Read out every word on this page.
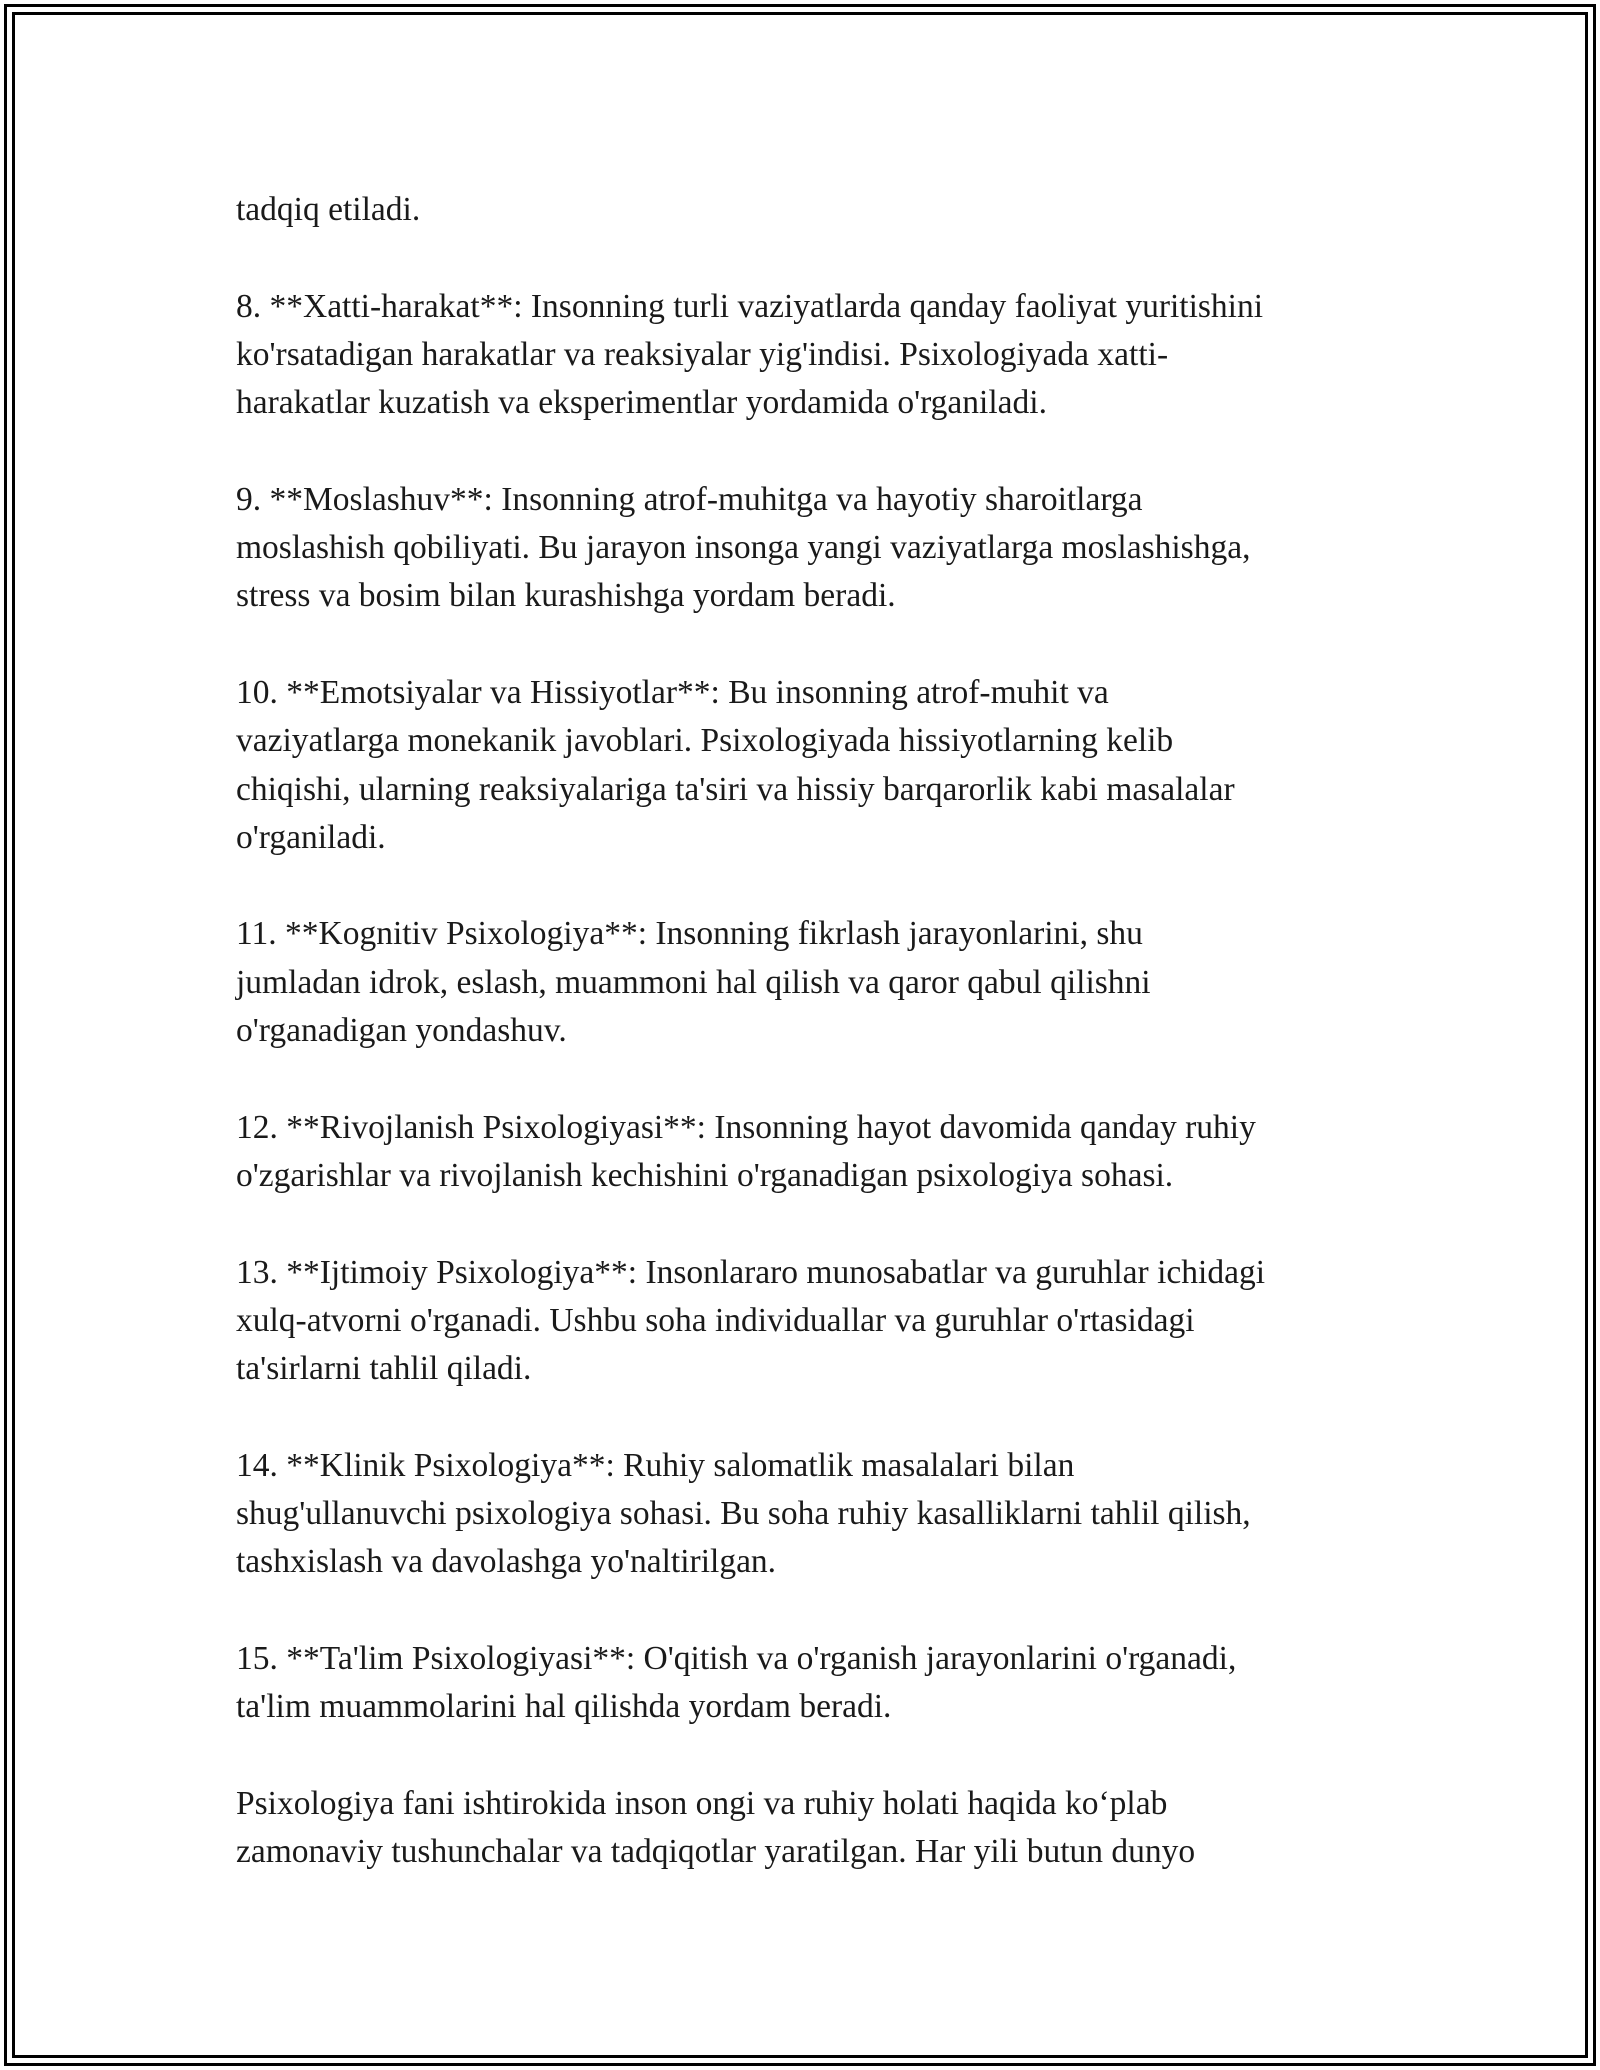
tadqiq etiladi.

8. **Xatti-harakat**: Insonning turli vaziyatlarda qanday faoliyat yuritishini
ko'rsatadigan harakatlar va reaksiyalar yig'indisi. Psixologiyada xatti-
harakatlar kuzatish va eksperimentlar yordamida o'rganiladi.

9. **Moslashuv**: Insonning atrof-muhitga va hayotiy sharoitlarga
moslashish qobiliyati. Bu jarayon insonga yangi vaziyatlarga moslashishga,
stress va bosim bilan kurashishga yordam beradi.

10. **Emotsiyalar va Hissiyotlar**: Bu insonning atrof-muhit va
vaziyatlarga monekanik javoblari. Psixologiyada hissiyotlarning kelib
chiqishi, ularning reaksiyalariga ta'siri va hissiy barqarorlik kabi masalalar
o'rganiladi.

11. **Kognitiv Psixologiya**: Insonning fikrlash jarayonlarini, shu
jumladan idrok, eslash, muammoni hal qilish va qaror qabul qilishni
o'rganadigan yondashuv.

12. **Rivojlanish Psixologiyasi**: Insonning hayot davomida qanday ruhiy
o'zgarishlar va rivojlanish kechishini o'rganadigan psixologiya sohasi.

13. **Ijtimoiy Psixologiya**: Insonlararo munosabatlar va guruhlar ichidagi
xulq-atvorni o'rganadi. Ushbu soha individuallar va guruhlar o'rtasidagi
ta'sirlarni tahlil qiladi.

14. **Klinik Psixologiya**: Ruhiy salomatlik masalalari bilan
shug'ullanuvchi psixologiya sohasi. Bu soha ruhiy kasalliklarni tahlil qilish,
tashxislash va davolashga yo'naltirilgan.

15. **Ta'lim Psixologiyasi**: O'qitish va o'rganish jarayonlarini o'rganadi,
ta'lim muammolarini hal qilishda yordam beradi.

Psixologiya fani ishtirokida inson ongi va ruhiy holati haqida ko‘plab
zamonaviy tushunchalar va tadqiqotlar yaratilgan. Har yili butun dunyo
